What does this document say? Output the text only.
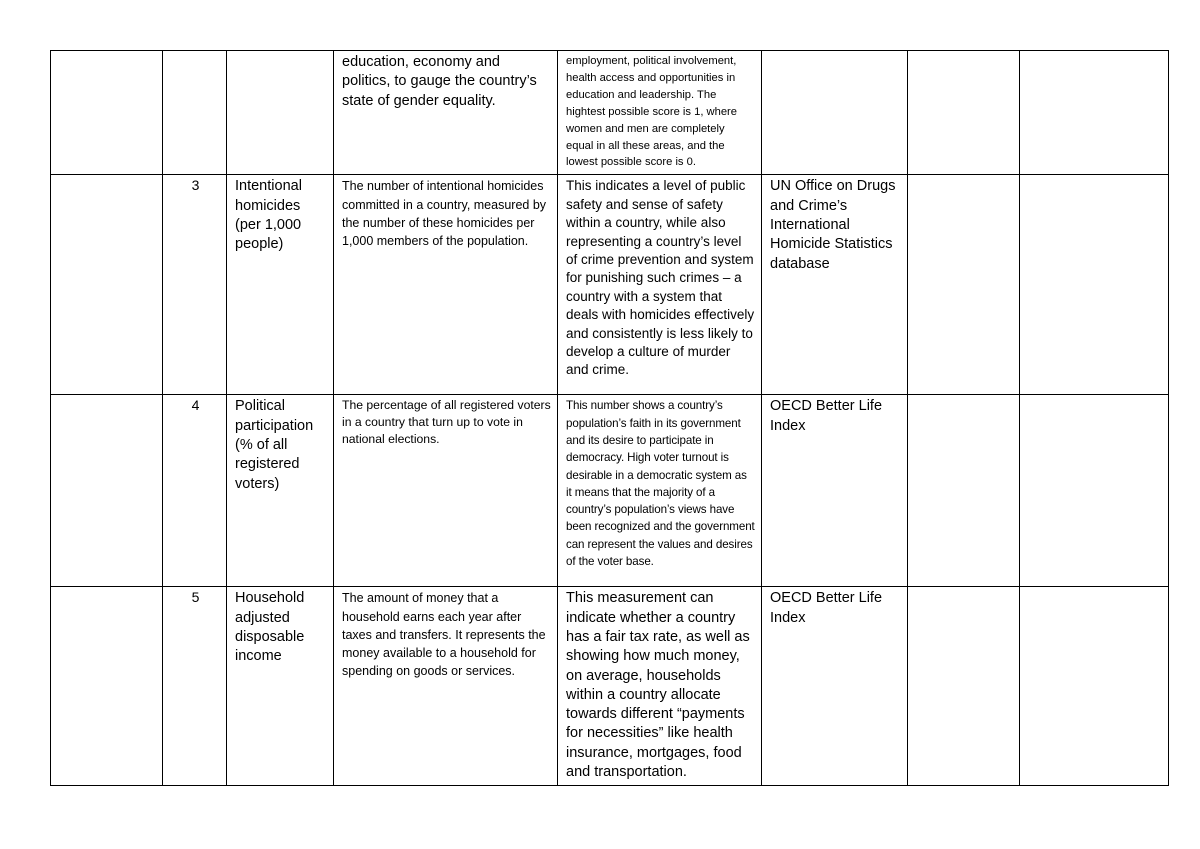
			education, economy and politics, to gauge the country’s state of gender equality.	employment, political involvement, health access and opportunities in education and leadership. The hightest possible score is 1, where women and men are completely equal in all these areas, and the lowest possible score is 0.			
	3	Intentional homicides (per 1,000 people)	The number of intentional homicides committed in a country, measured by the number of these homicides per 1,000 members of the population.	This indicates a level of public safety and sense of safety within a country, while also representing a country’s level of crime prevention and system for punishing such crimes – a country with a system that deals with homicides effectively and consistently is less likely to develop a culture of murder and crime.	UN Office on Drugs and Crime’s International Homicide Statistics database		
	4	Political participation (% of all registered voters)	The percentage of all registered voters in a country that turn up to vote in national elections.	This number shows a country’s population’s faith in its government and its desire to participate in democracy. High voter turnout is desirable in a democratic system as it means that the majority of a country’s population’s views have been recognized and the government can represent the values and desires of the voter base.	OECD Better Life Index		
	5	Household adjusted disposable income	The amount of money that a household earns each year after taxes and transfers. It represents the money available to a household for spending on goods or services.	This measurement can indicate whether a country has a fair tax rate, as well as showing how much money, on average, households within a country allocate towards different “payments for necessities” like health insurance, mortgages, food and transportation.	OECD Better Life Index		
